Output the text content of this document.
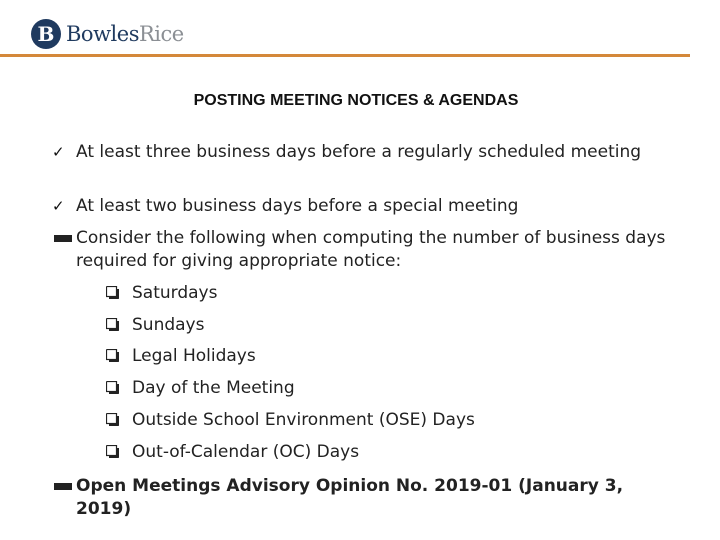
B BowlesRice
POSTING MEETING NOTICES & AGENDAS
✓ At least three business days before a regularly scheduled meeting
✓ At least two business days before a special meeting
Consider the following when computing the number of business days required for giving appropriate notice:
Saturdays
Sundays
Legal Holidays
Day of the Meeting
Outside School Environment (OSE) Days
Out-of-Calendar (OC) Days
Open Meetings Advisory Opinion No. 2019-01 (January 3, 2019)
